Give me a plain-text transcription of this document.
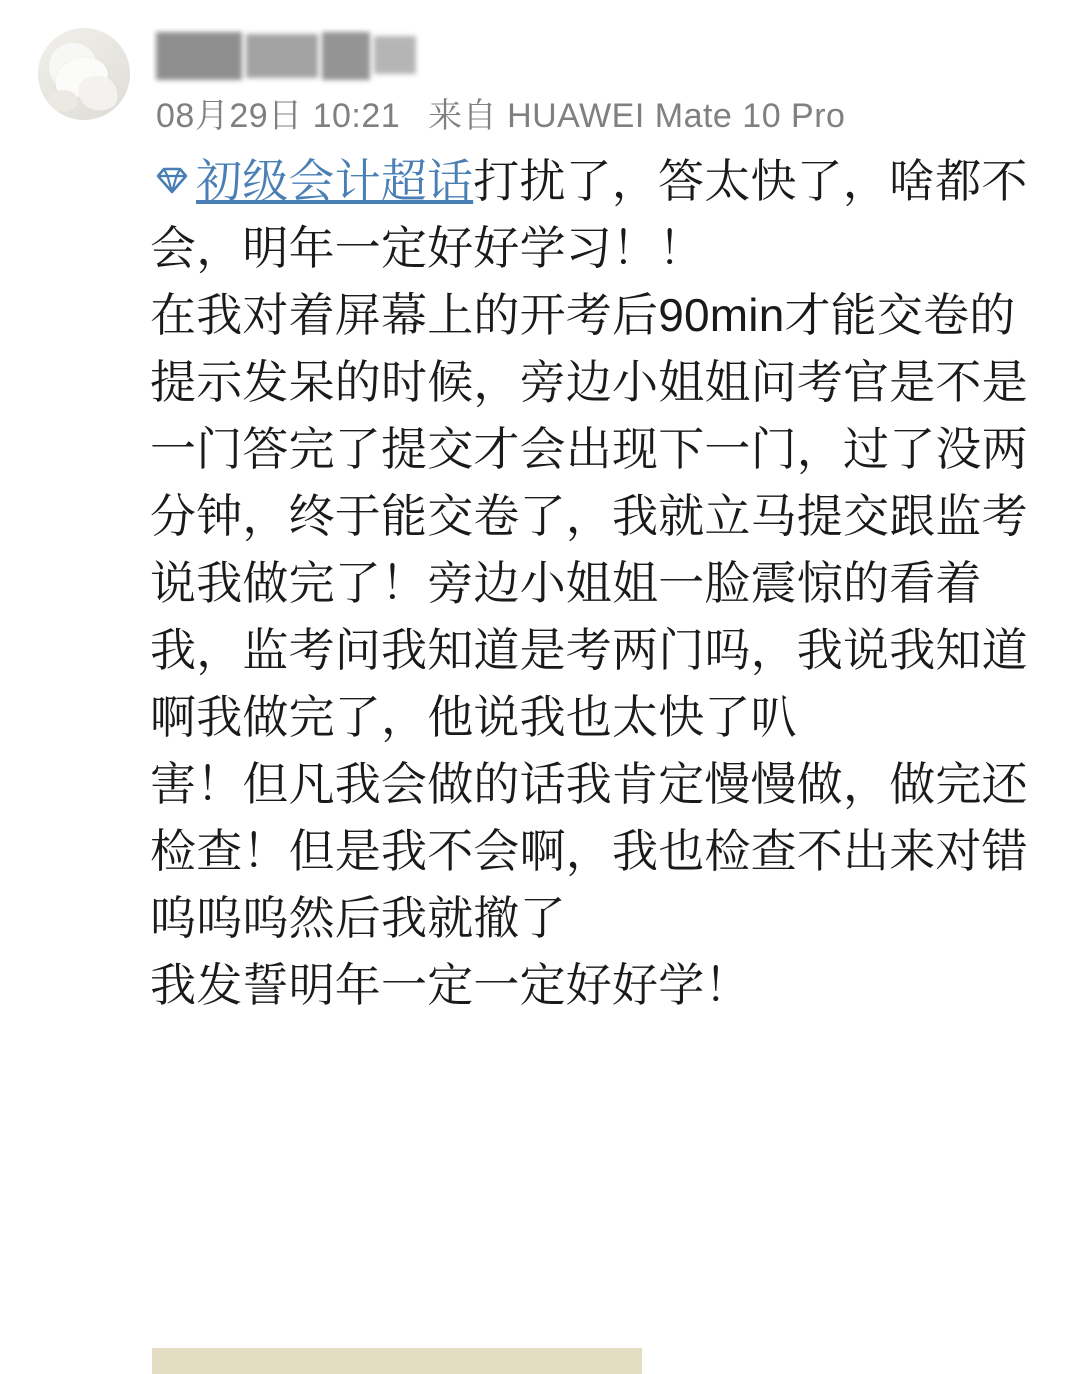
08月29日 10:21 来自 HUAWEI Mate 10 Pro

初级会计超话打扰了，答太快了，啥都不会，明年一定好好学习！！

在我对着屏幕上的开考后90min才能交卷的提示发呆的时候，旁边小姐姐问考官是不是一门答完了提交才会出现下一门，过了没两分钟，终于能交卷了，我就立马提交跟监考说我做完了！旁边小姐姐一脸震惊的看着我，监考问我知道是考两门吗，我说我知道啊我做完了，他说我也太快了叭

害！但凡我会做的话我肯定慢慢做，做完还检查！但是我不会啊，我也检查不出来对错呜呜呜然后我就撤了

我发誓明年一定一定好好学！
